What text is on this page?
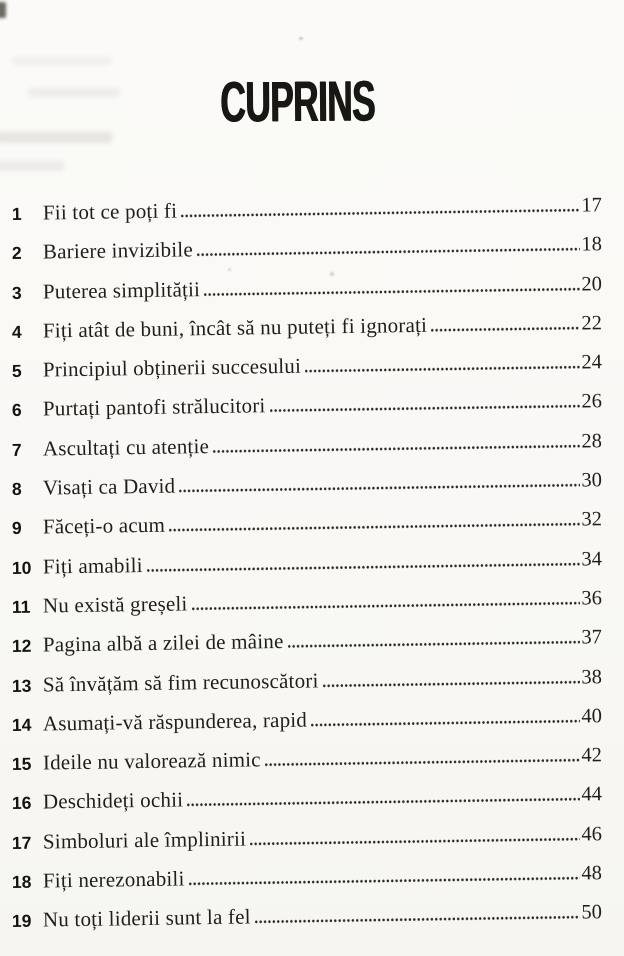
CUPRINS
1 Fii tot ce poți fi	17
2 Bariere invizibile	18
3 Puterea simplității	20
4 Fiți atât de buni, încât să nu puteți fi ignorați	22
5 Principiul obținerii succesului	24
6 Purtați pantofi strălucitori	26
7 Ascultați cu atenție	28
8 Visați ca David	30
9 Făceți-o acum	32
10 Fiți amabili	34
11 Nu există greșeli	36
12 Pagina albă a zilei de mâine	37
13 Să învățăm să fim recunoscători	38
14 Asumați-vă răspunderea, rapid	40
15 Ideile nu valorează nimic	42
16 Deschideți ochii	44
17 Simboluri ale împlinirii	46
18 Fiți nerezonabili	48
19 Nu toți liderii sunt la fel	50
